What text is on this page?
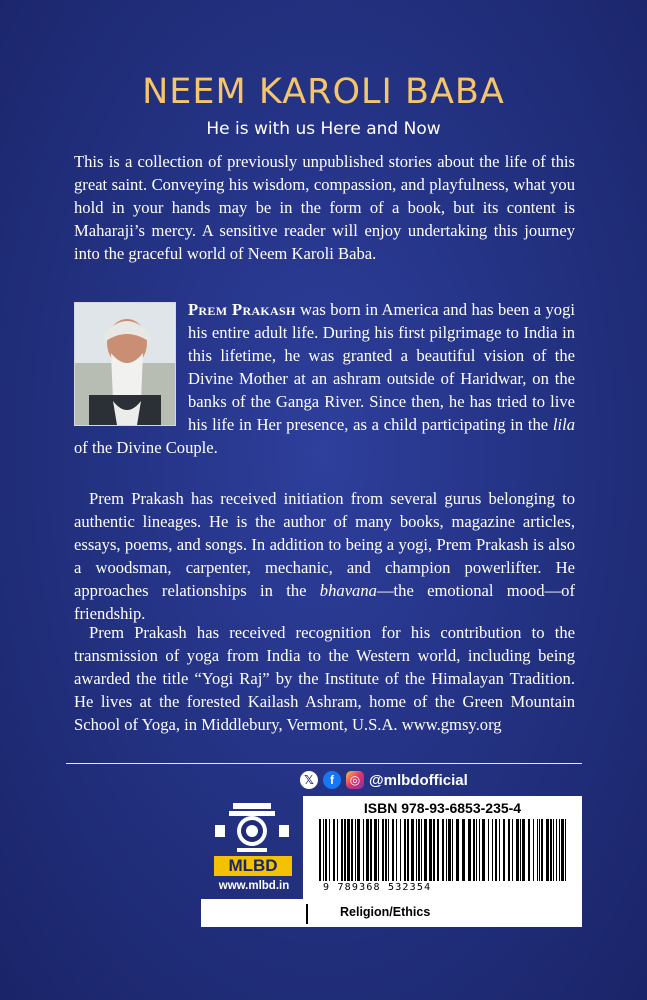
NEEM KAROLI BABA
He is with us Here and Now

This is a collection of previously unpublished stories about the life of this great saint. Conveying his wisdom, compassion, and playfulness, what you hold in your hands may be in the form of a book, but its content is Maharaji’s mercy. A sensitive reader will enjoy undertaking this journey into the graceful world of Neem Karoli Baba.

Prem Prakash was born in America and has been a yogi his entire adult life. During his first pilgrimage to India in this lifetime, he was granted a beautiful vision of the Divine Mother at an ashram outside of Haridwar, on the banks of the Ganga River. Since then, he has tried to live his life in Her presence, as a child participating in the lila of the Divine Couple.

Prem Prakash has received initiation from several gurus belonging to authentic lineages. He is the author of many books, magazine articles, essays, poems, and songs. In addition to being a yogi, Prem Prakash is also a woodsman, carpenter, mechanic, and champion powerlifter. He approaches relationships in the bhavana—the emotional mood—of friendship.

Prem Prakash has received recognition for his contribution to the transmission of yoga from India to the Western world, including being awarded the title “Yogi Raj” by the Institute of the Himalayan Tradition. He lives at the forested Kailash Ashram, home of the Green Mountain School of Yoga, in Middlebury, Vermont, U.S.A. www.gmsy.org

𝕏	f	◎ @mlbdofficial
MLBD
www.mlbd.in
ISBN 978-93-6853-235-4
9 789368 532354
Religion/Ethics
